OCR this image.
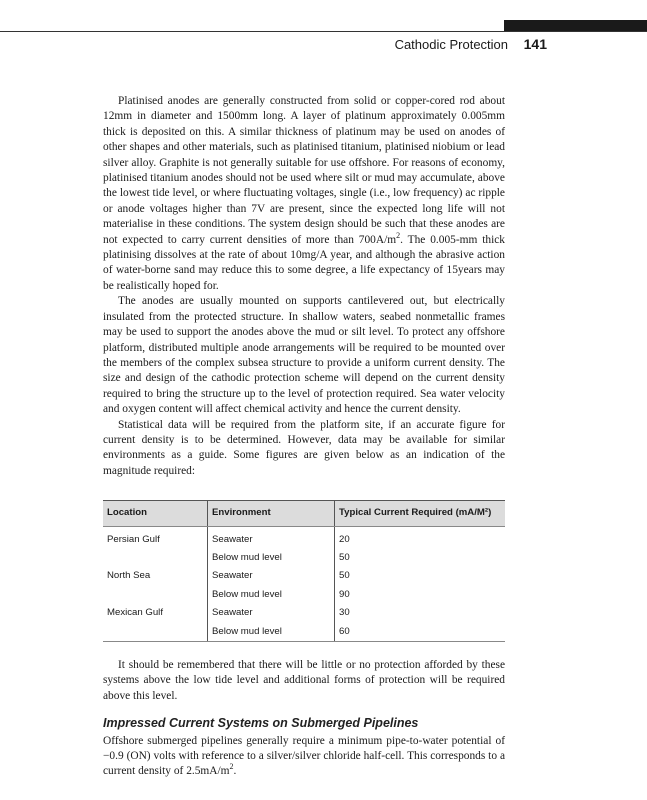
Cathodic Protection 141

Platinised anodes are generally constructed from solid or copper-cored rod about 12mm in diameter and 1500mm long. A layer of platinum approximately 0.005mm thick is deposited on this. A similar thickness of platinum may be used on anodes of other shapes and other materials, such as platinised titanium, platinised niobium or lead silver alloy. Graphite is not generally suitable for use offshore. For reasons of economy, platinised titanium anodes should not be used where silt or mud may accumulate, above the lowest tide level, or where fluctuating voltages, single (i.e., low frequency) ac ripple or anode voltages higher than 7V are present, since the expected long life will not materialise in these conditions. The system design should be such that these anodes are not expected to carry current densities of more than $700A/m^2$. The 0.005-mm thick platinising dissolves at the rate of about 10mg/A year, and although the abrasive action of water-borne sand may reduce this to some degree, a life expectancy of 15years may be realistically hoped for.

The anodes are usually mounted on supports cantilevered out, but electrically insulated from the protected structure. In shallow waters, seabed nonmetallic frames may be used to support the anodes above the mud or silt level. To protect any offshore platform, distributed multiple anode arrangements will be required to be mounted over the members of the complex subsea structure to provide a uniform current density. The size and design of the cathodic protection scheme will depend on the current density required to bring the structure up to the level of protection required. Sea water velocity and oxygen content will affect chemical activity and hence the current density.

Statistical data will be required from the platform site, if an accurate figure for current density is to be determined. However, data may be available for similar environments as a guide. Some figures are given below as an indication of the magnitude required:

Location	Environment	Typical Current Required (mA/M²)
Persian Gulf	Seawater	20
	Below mud level	50
North Sea	Seawater	50
	Below mud level	90
Mexican Gulf	Seawater	30
	Below mud level	60

It should be remembered that there will be little or no protection afforded by these systems above the low tide level and additional forms of protection will be required above this level.

Impressed Current Systems on Submerged Pipelines

Offshore submerged pipelines generally require a minimum pipe-to-water potential of −0.9 (ON) volts with reference to a silver/silver chloride half-cell. This corresponds to a current density of $2.5mA/m^2$.
